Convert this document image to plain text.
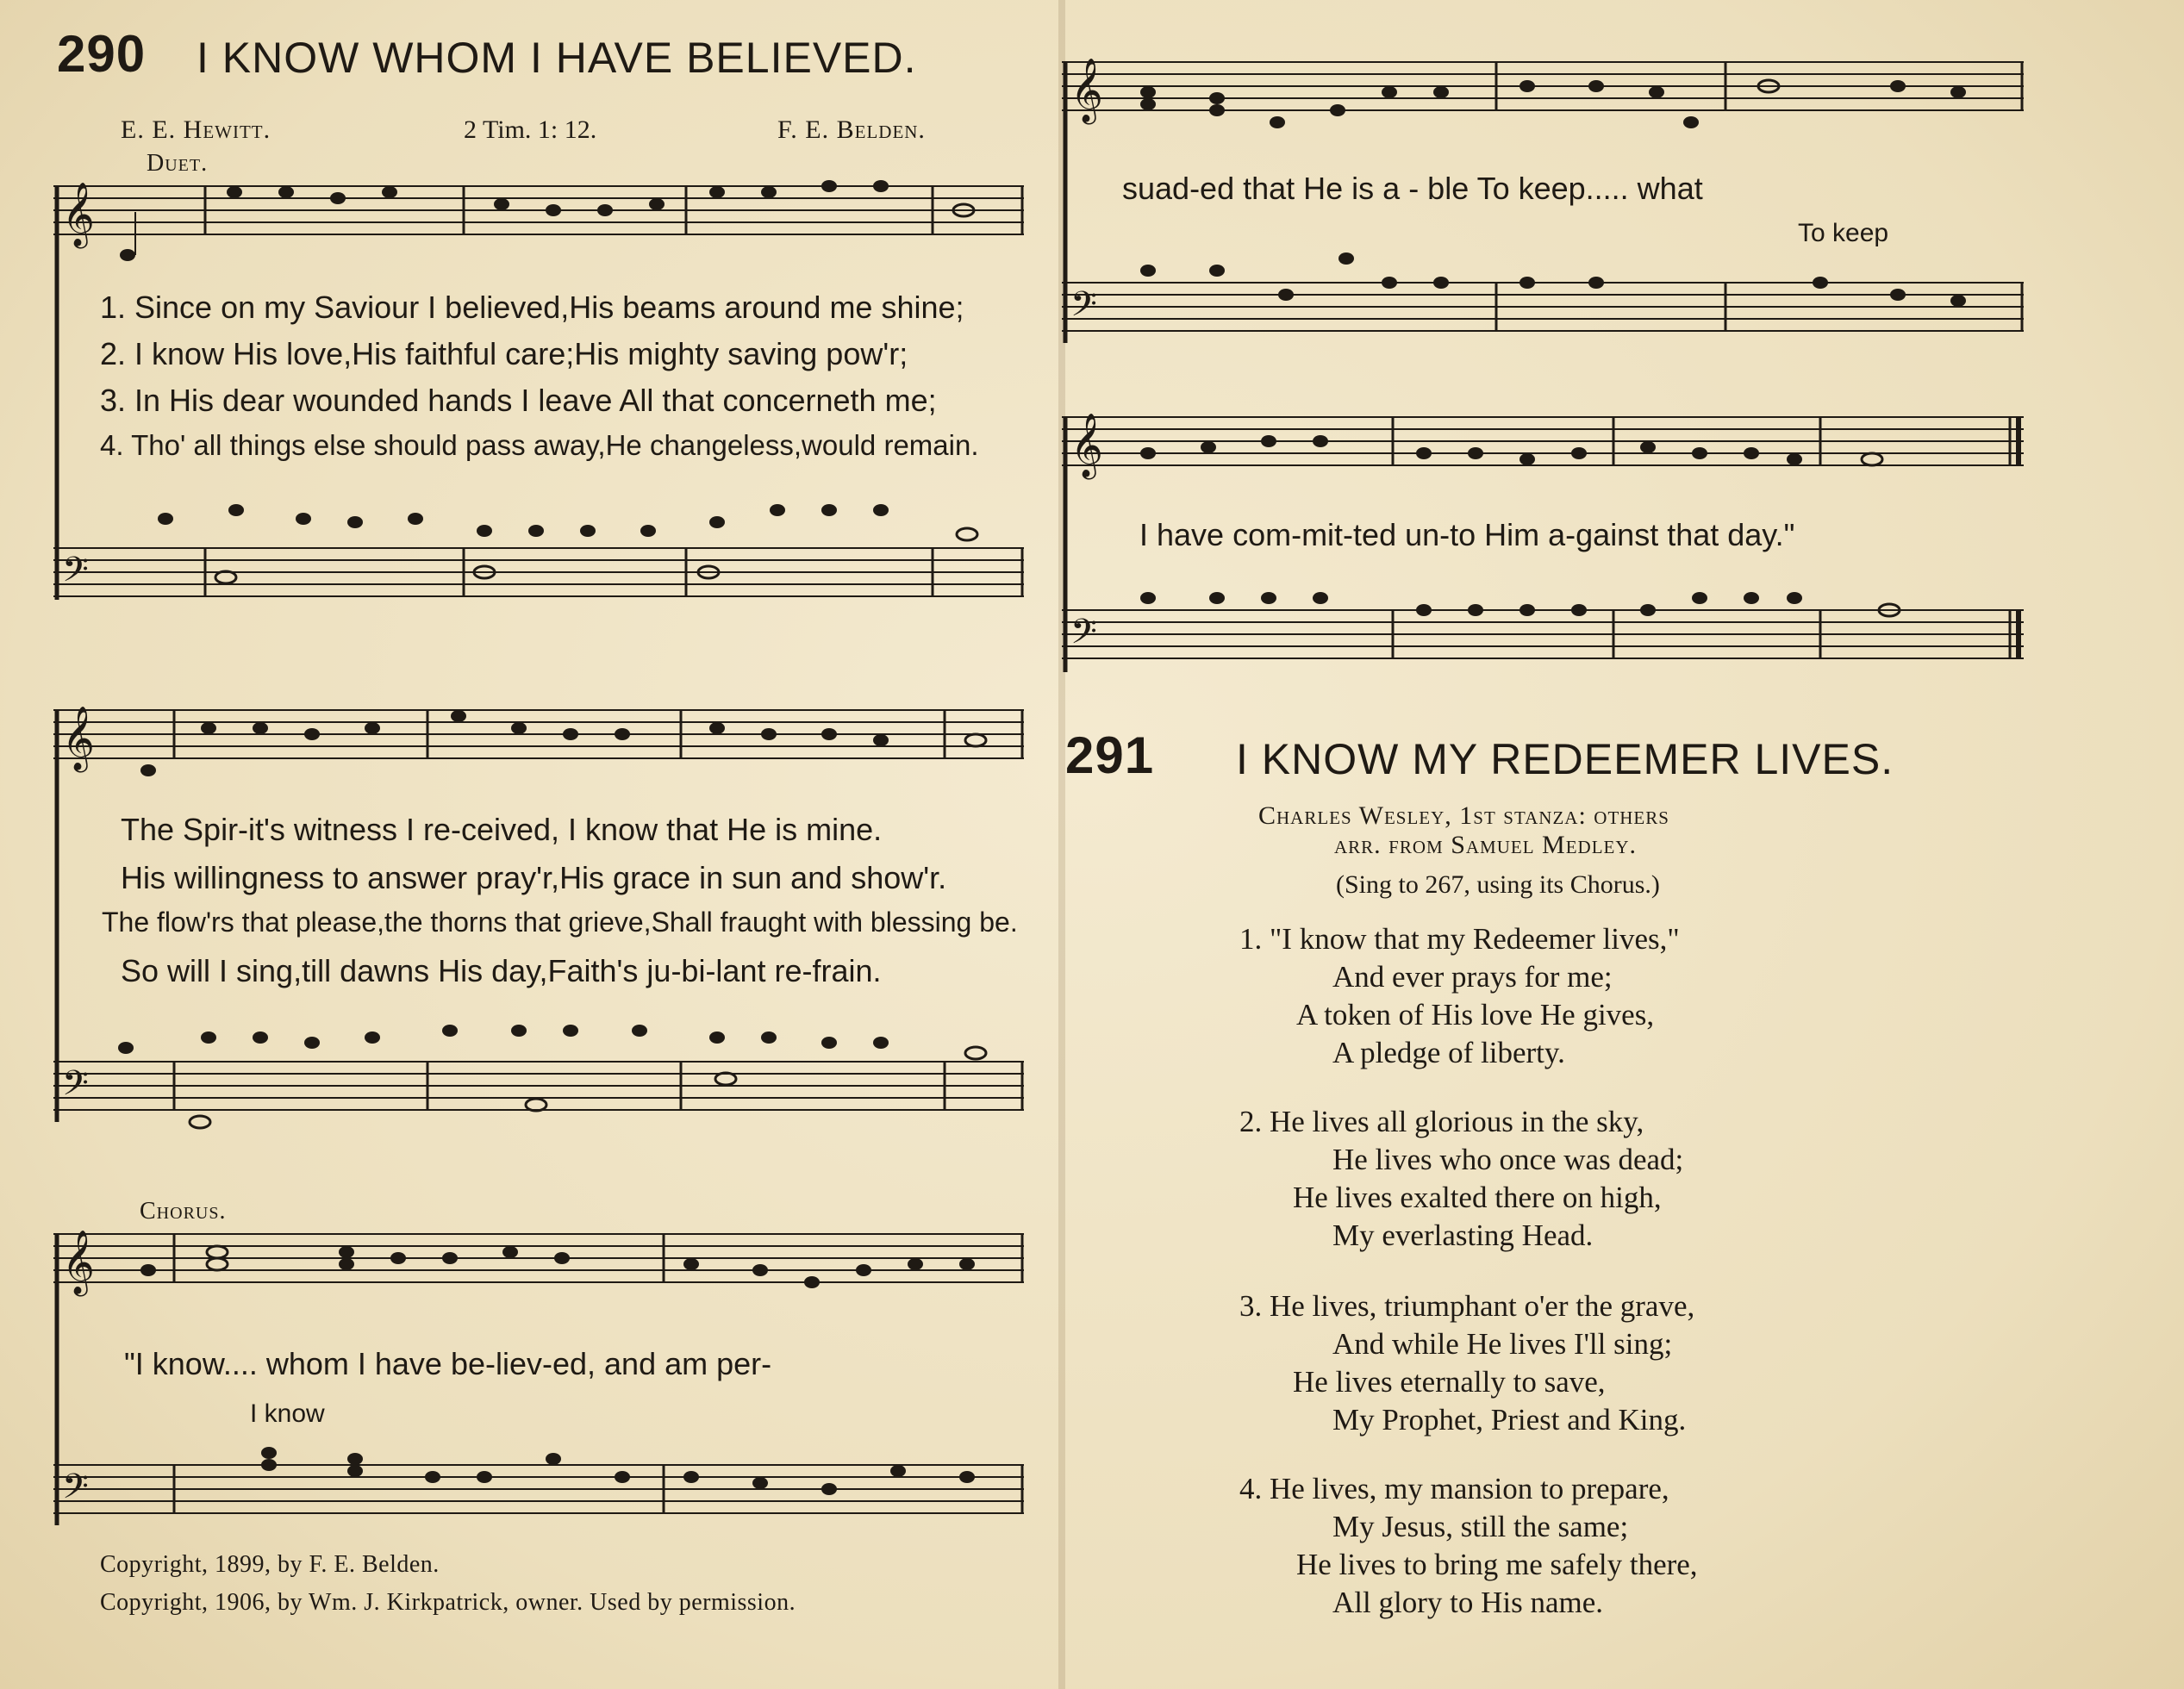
290 I KNOW WHOM I HAVE BELIEVED.
E. E. Hewitt.	2 Tim. 1: 12.	F. E. Belden.
Duet.
𝄞
𝄢
1. Since on my Saviour I believed,His beams around me shine;
2. I know His love,His faithful care;His mighty saving pow'r;
3. In His dear wounded hands I leave All that concerneth me;
4. Tho' all things else should pass away,He changeless,would remain.
𝄞
𝄢
The Spir-it's witness I re-ceived, I know that He is mine.
His willingness to answer pray'r,His grace in sun and show'r.
The flow'rs that please,the thorns that grieve,Shall fraught with blessing be.
So will I sing,till dawns His day,Faith's ju-bi-lant re-frain.
Chorus.
𝄞
𝄢
"I know.... whom I have be-liev-ed, and am per-
I know
Copyright, 1899, by F. E. Belden.
Copyright, 1906, by Wm. J. Kirkpatrick, owner. Used by permission.
𝄞
𝄢
suad-ed that He is a - ble To keep..... what
To keep
𝄞
𝄢
I have com-mit-ted un-to Him a-gainst that day."
291 I KNOW MY REDEEMER LIVES.
Charles Wesley, 1st stanza: others
arr. from Samuel Medley.
(Sing to 267, using its Chorus.)
1. "I know that my Redeemer lives,"
And ever prays for me;
A token of His love He gives,
A pledge of liberty.
2. He lives all glorious in the sky,
He lives who once was dead;
He lives exalted there on high,
My everlasting Head.
3. He lives, triumphant o'er the grave,
And while He lives I'll sing;
He lives eternally to save,
My Prophet, Priest and King.
4. He lives, my mansion to prepare,
My Jesus, still the same;
He lives to bring me safely there,
All glory to His name.
